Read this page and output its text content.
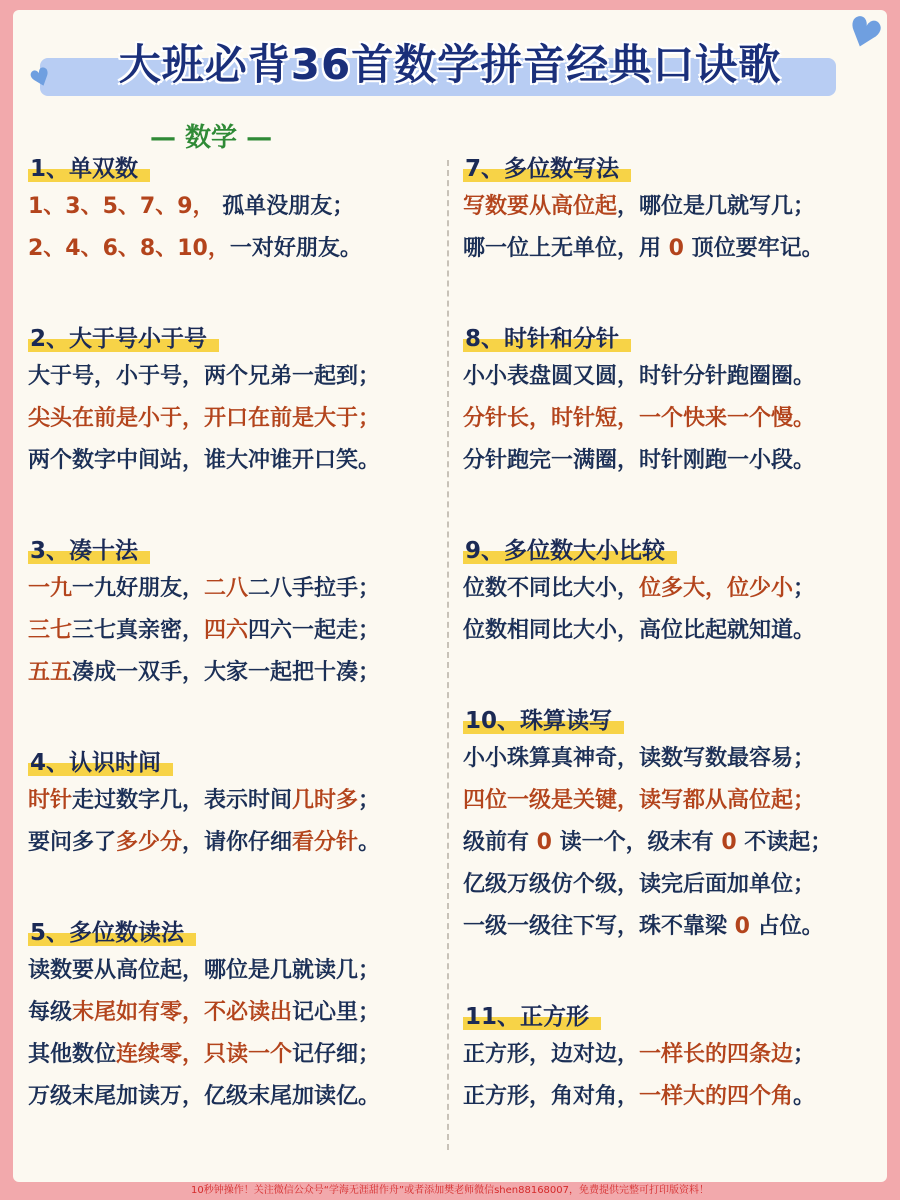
大班必背36首数学拼音经典口诀歌
♥
♥
— 数学 —
1、单双数
1、3、5、7、9， 孤单没朋友；
2、4、6、8、10，一对好朋友。
2、大于号小于号
大于号，小于号，两个兄弟一起到；
尖头在前是小于，开口在前是大于；
两个数字中间站，谁大冲谁开口笑。
3、凑十法
一九一九好朋友，二八二八手拉手；
三七三七真亲密，四六四六一起走；
五五凑成一双手，大家一起把十凑；
4、认识时间
时针走过数字几，表示时间几时多；
要问多了多少分，请你仔细看分针。
5、多位数读法
读数要从高位起，哪位是几就读几；
每级末尾如有零，不必读出记心里；
其他数位连续零，只读一个记仔细；
万级末尾加读万，亿级末尾加读亿。
7、多位数写法
写数要从高位起，哪位是几就写几；
哪一位上无单位，用 0 顶位要牢记。
8、时针和分针
小小表盘圆又圆，时针分针跑圈圈。
分针长，时针短，一个快来一个慢。
分针跑完一满圈，时针刚跑一小段。
9、多位数大小比较
位数不同比大小，位多大，位少小；
位数相同比大小，高位比起就知道。
10、珠算读写
小小珠算真神奇，读数写数最容易；
四位一级是关键，读写都从高位起；
级前有 0 读一个，级末有 0 不读起；
亿级万级仿个级，读完后面加单位；
一级一级往下写，珠不靠梁 0 占位。
11、正方形
正方形，边对边，一样长的四条边；
正方形，角对角，一样大的四个角。
10秒钟操作！关注微信公众号“学海无涯甜作舟”或者添加樊老师微信shen88168007，免费提供完整可打印版资料！
